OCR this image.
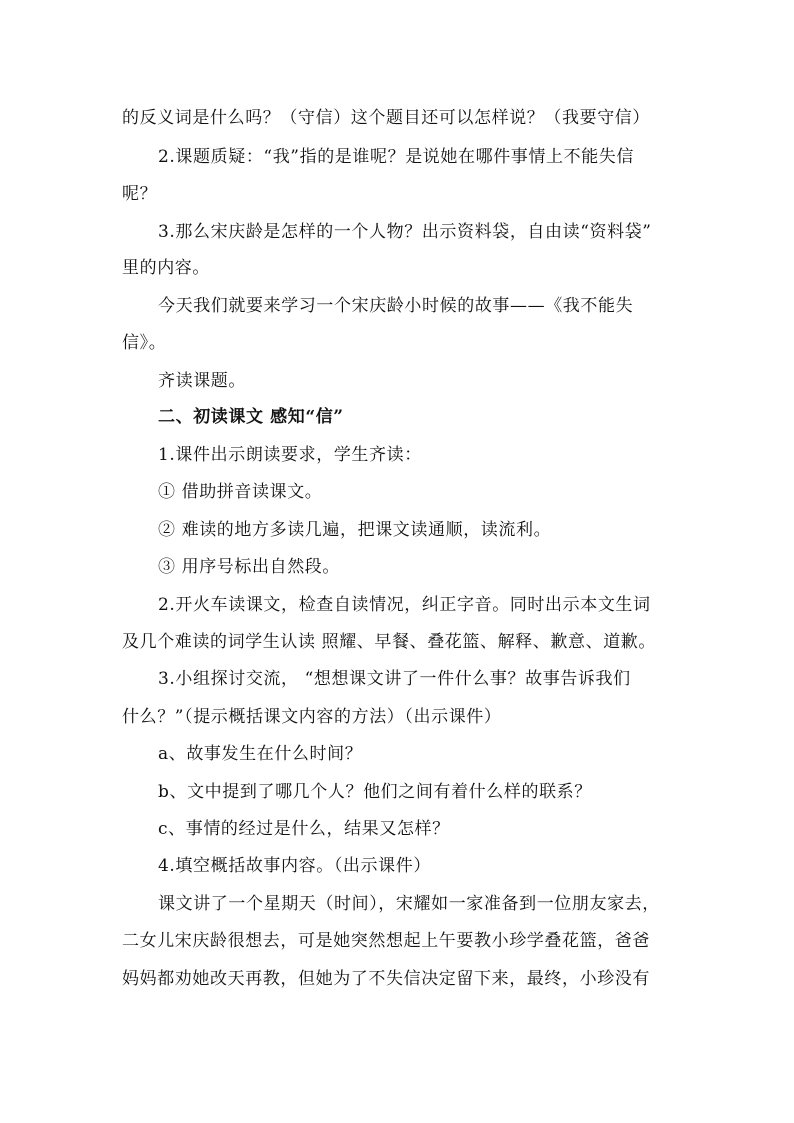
的反义词是什么吗？（守信）这个题目还可以怎样说？（我要守信）
2.课题质疑：“我”指的是谁呢？是说她在哪件事情上不能失信
呢？
3.那么宋庆龄是怎样的一个人物？出示资料袋，自由读“资料袋”
里的内容。
今天我们就要来学习一个宋庆龄小时候的故事——《我不能失
信》。
齐读课题。
二、初读课文 感知“信”
1.课件出示朗读要求，学生齐读：
① 借助拼音读课文。
② 难读的地方多读几遍，把课文读通顺，读流利。
③ 用序号标出自然段。
2.开火车读课文，检查自读情况，纠正字音。同时出示本文生词
及几个难读的词学生认读 照耀、早餐、叠花篮、解释、歉意、道歉。
3.小组探讨交流， “想想课文讲了一件什么事？故事告诉我们
什么？”（提示概括课文内容的方法）（出示课件）
a、故事发生在什么时间？
b、文中提到了哪几个人？他们之间有着什么样的联系？
c、事情的经过是什么，结果又怎样？
4.填空概括故事内容。（出示课件）
课文讲了一个星期天（时间），宋耀如一家准备到一位朋友家去，
二女儿宋庆龄很想去，可是她突然想起上午要教小珍学叠花篮，爸爸
妈妈都劝她改天再教，但她为了不失信决定留下来，最终，小珍没有
